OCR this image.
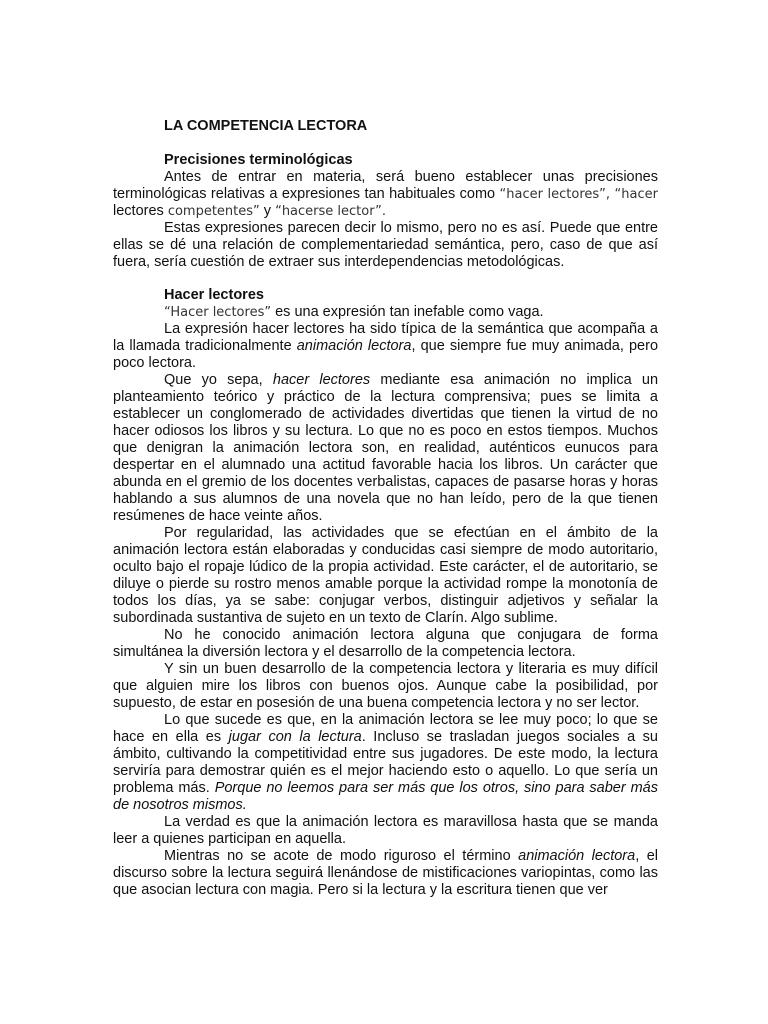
LA COMPETENCIA LECTORA
Precisiones terminológicas

Antes de entrar en materia, será bueno establecer unas precisiones terminológicas relativas a expresiones tan habituales como “hacer lectores”, “hacer lectores competentes” y “hacerse lector”.

Estas expresiones parecen decir lo mismo, pero no es así. Puede que entre ellas se dé una relación de complementariedad semántica, pero, caso de que así fuera, sería cuestión de extraer sus interdependencias metodológicas.

Hacer lectores

“Hacer lectores” es una expresión tan inefable como vaga.

La expresión hacer lectores ha sido típica de la semántica que acompaña a la llamada tradicionalmente animación lectora, que siempre fue muy animada, pero poco lectora.

Que yo sepa, hacer lectores mediante esa animación no implica un planteamiento teórico y práctico de la lectura comprensiva; pues se limita a establecer un conglomerado de actividades divertidas que tienen la virtud de no hacer odiosos los libros y su lectura. Lo que no es poco en estos tiempos. Muchos que denigran la animación lectora son, en realidad, auténticos eunucos para despertar en el alumnado una actitud favorable hacia los libros. Un carácter que abunda en el gremio de los docentes verbalistas, capaces de pasarse horas y horas hablando a sus alumnos de una novela que no han leído, pero de la que tienen resúmenes de hace veinte años.

Por regularidad, las actividades que se efectúan en el ámbito de la animación lectora están elaboradas y conducidas casi siempre de modo autoritario, oculto bajo el ropaje lúdico de la propia actividad. Este carácter, el de autoritario, se diluye o pierde su rostro menos amable porque la actividad rompe la monotonía de todos los días, ya se sabe: conjugar verbos, distinguir adjetivos y señalar la subordinada sustantiva de sujeto en un texto de Clarín. Algo sublime.

No he conocido animación lectora alguna que conjugara de forma simultánea la diversión lectora y el desarrollo de la competencia lectora.

Y sin un buen desarrollo de la competencia lectora y literaria es muy difícil que alguien mire los libros con buenos ojos. Aunque cabe la posibilidad, por supuesto, de estar en posesión de una buena competencia lectora y no ser lector.

Lo que sucede es que, en la animación lectora se lee muy poco; lo que se hace en ella es jugar con la lectura. Incluso se trasladan juegos sociales a su ámbito, cultivando la competitividad entre sus jugadores. De este modo, la lectura serviría para demostrar quién es el mejor haciendo esto o aquello. Lo que sería un problema más. Porque no leemos para ser más que los otros, sino para saber más de nosotros mismos.

La verdad es que la animación lectora es maravillosa hasta que se manda leer a quienes participan en aquella.

Mientras no se acote de modo riguroso el término animación lectora, el discurso sobre la lectura seguirá llenándose de mistificaciones variopintas, como las que asocian lectura con magia. Pero si la lectura y la escritura tienen que ver
